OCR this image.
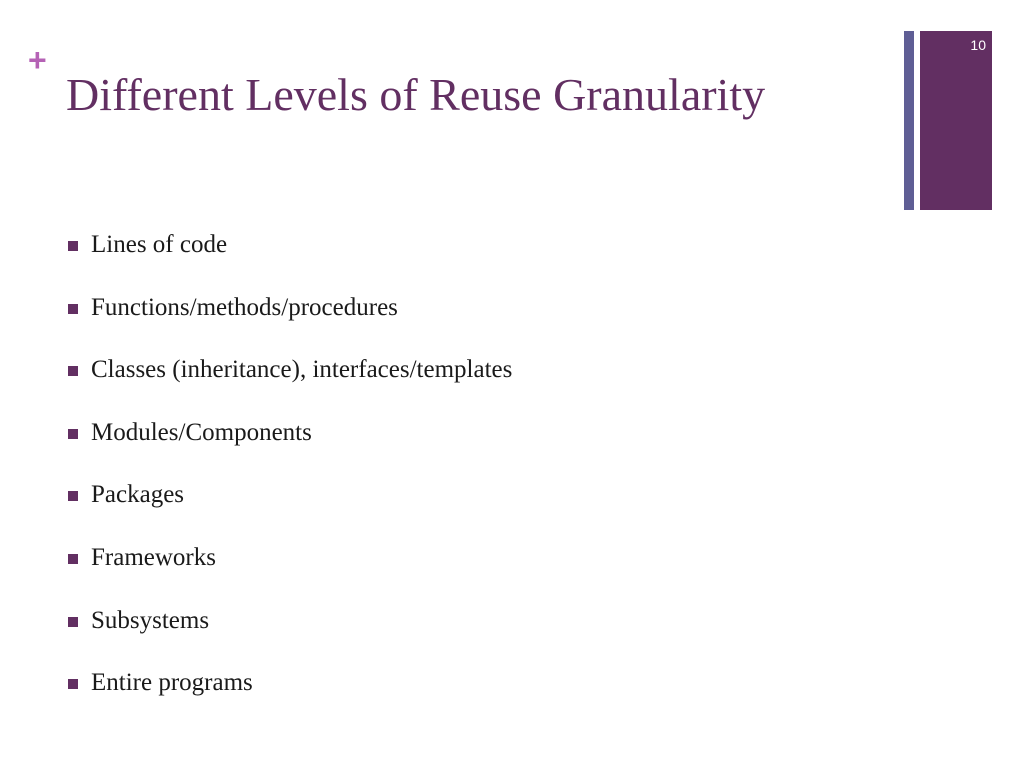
+
Different Levels of Reuse Granularity
10
Lines of code
Functions/methods/procedures
Classes (inheritance), interfaces/templates
Modules/Components
Packages
Frameworks
Subsystems
Entire programs
